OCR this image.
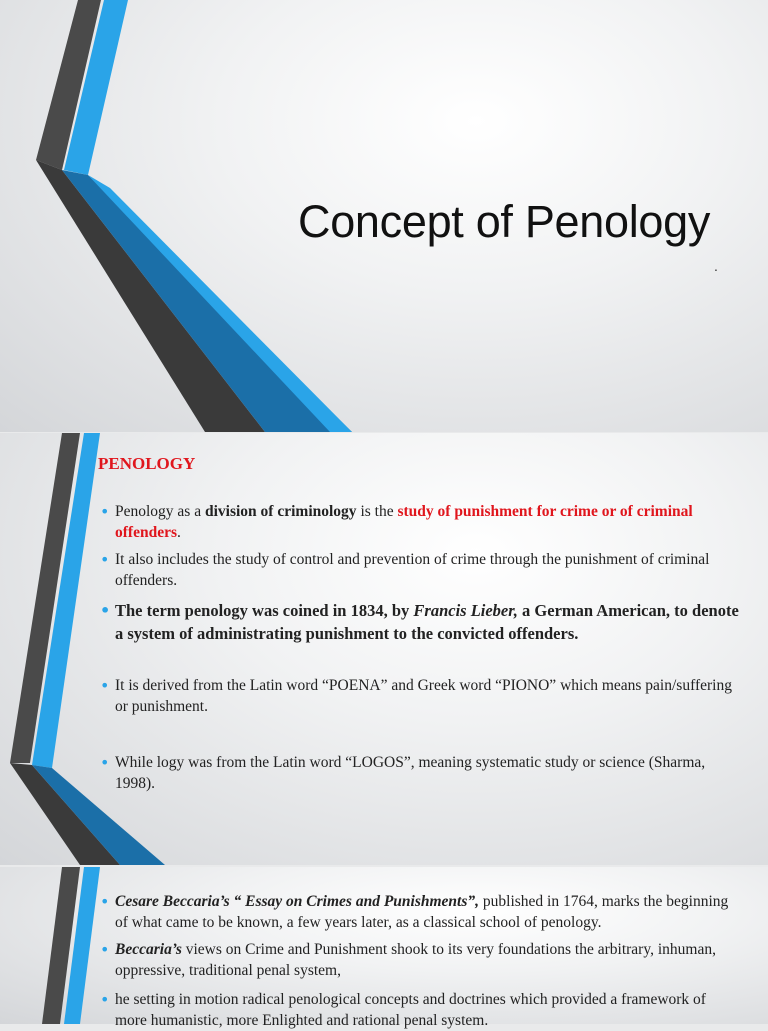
Concept of Penology

.

PENOLOGY
• Penology as a division of criminology is the study of punishment for crime or of criminal offenders.
• It also includes the study of control and prevention of crime through the punishment of criminal offenders.
• The term penology was coined in 1834, by Francis Lieber, a German American, to denote a system of administrating punishment to the convicted offenders.
• It is derived from the Latin word “POENA” and Greek word “PIONO” which means pain/suffering or punishment.
• While logy was from the Latin word “LOGOS”, meaning systematic study or science (Sharma, 1998).
• Cesare Beccaria’s “ Essay on Crimes and Punishments”, published in 1764, marks the beginning of what came to be known, a few years later, as a classical school of penology.
• Beccaria’s views on Crime and Punishment shook to its very foundations the arbitrary, inhuman, oppressive, traditional penal system,
• he setting in motion radical penological concepts and doctrines which provided a framework of more humanistic, more Enlighted and rational penal system.
